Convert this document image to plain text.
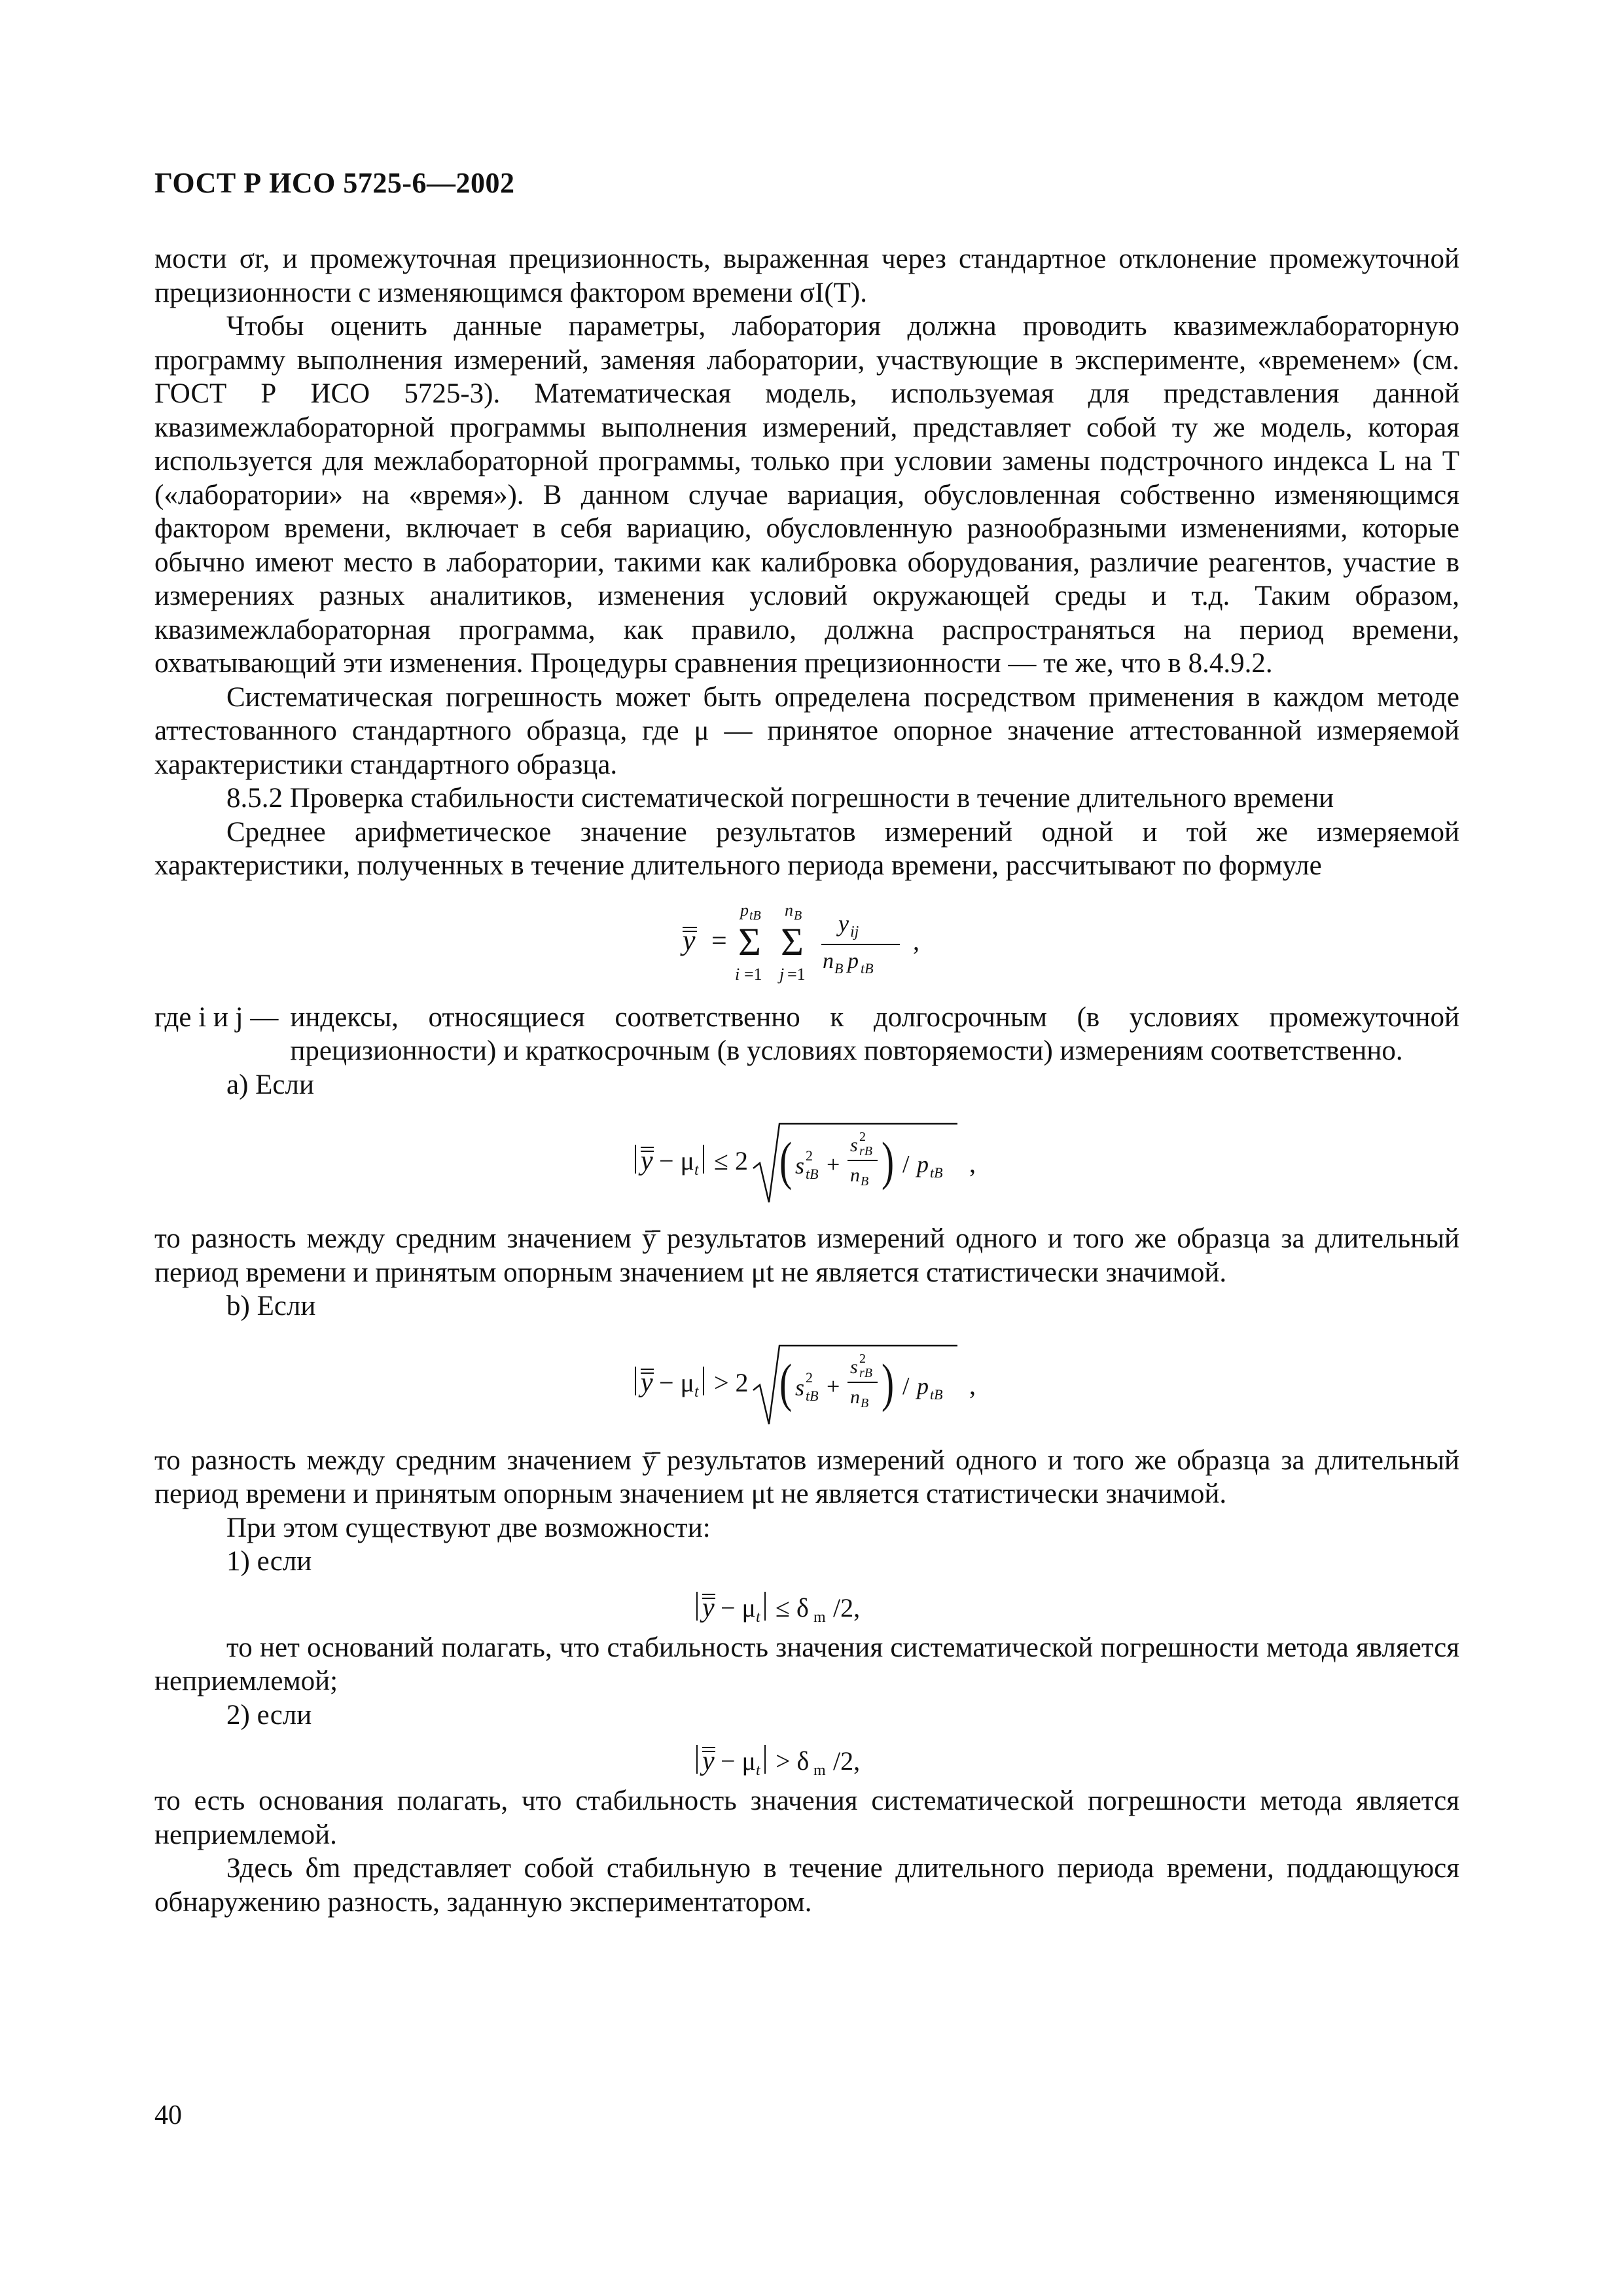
ГОСТ Р ИСО 5725-6—2002

мости σr, и промежуточная прецизионность, выраженная через стандартное отклонение промежуточной прецизионности с изменяющимся фактором времени σI(T).

Чтобы оценить данные параметры, лаборатория должна проводить квазимежлабораторную программу выполнения измерений, заменяя лаборатории, участвующие в эксперименте, «временем» (см. ГОСТ Р ИСО 5725-3). Математическая модель, используемая для представления данной квазимежлабораторной программы выполнения измерений, представляет собой ту же модель, которая используется для межлабораторной программы, только при условии замены подстрочного индекса L на T («лаборатории» на «время»). В данном случае вариация, обусловленная собственно изменяющимся фактором времени, включает в себя вариацию, обусловленную разнообразными изменениями, которые обычно имеют место в лаборатории, такими как калибровка оборудования, различие реагентов, участие в измерениях разных аналитиков, изменения условий окружающей среды и т.д. Таким образом, квазимежлабораторная программа, как правило, должна распространяться на период времени, охватывающий эти изменения. Процедуры сравнения прецизионности — те же, что в 8.4.9.2.

Систематическая погрешность может быть определена посредством применения в каждом методе аттестованного стандартного образца, где μ — принятое опорное значение аттестованной измеряемой характеристики стандартного образца.

8.5.2 Проверка стабильности систематической погрешности в течение длительного времени

Среднее арифметическое значение результатов измерений одной и той же измеряемой характеристики, полученных в течение длительного периода времени, рассчитывают по формуле

y =
p tB
Σ
i =1
n B
Σ
j =1
y ij
n B p tB
,
где i и j — индексы, относящиеся соответственно к долгосрочным (в условиях промежуточной прецизионности) и краткосрочным (в условиях повторяемости) измерениям соответственно.

a) Если

y − μ t ≤ 2 ( s 2
tB +
s 2
rB
n B ) / p tB ,

то разность между средним значением ȳ̄ результатов измерений одного и того же образца за длительный период времени и принятым опорным значением μt не является статистически значимой.

b) Если

y − μ t > 2 ( s 2
tB +
s 2
rB
n B ) / p tB ,

то разность между средним значением ȳ̄ результатов измерений одного и того же образца за длительный период времени и принятым опорным значением μt не является статистически значимой.

При этом существуют две возможности:

1) если

y − μ t ≤ δ m /2,

то нет оснований полагать, что стабильность значения систематической погрешности метода является неприемлемой;

2) если

y − μ t > δ m /2,

то есть основания полагать, что стабильность значения систематической погрешности метода является неприемлемой.

Здесь δm представляет собой стабильную в течение длительного периода времени, поддающуюся обнаружению разность, заданную экспериментатором.

40
